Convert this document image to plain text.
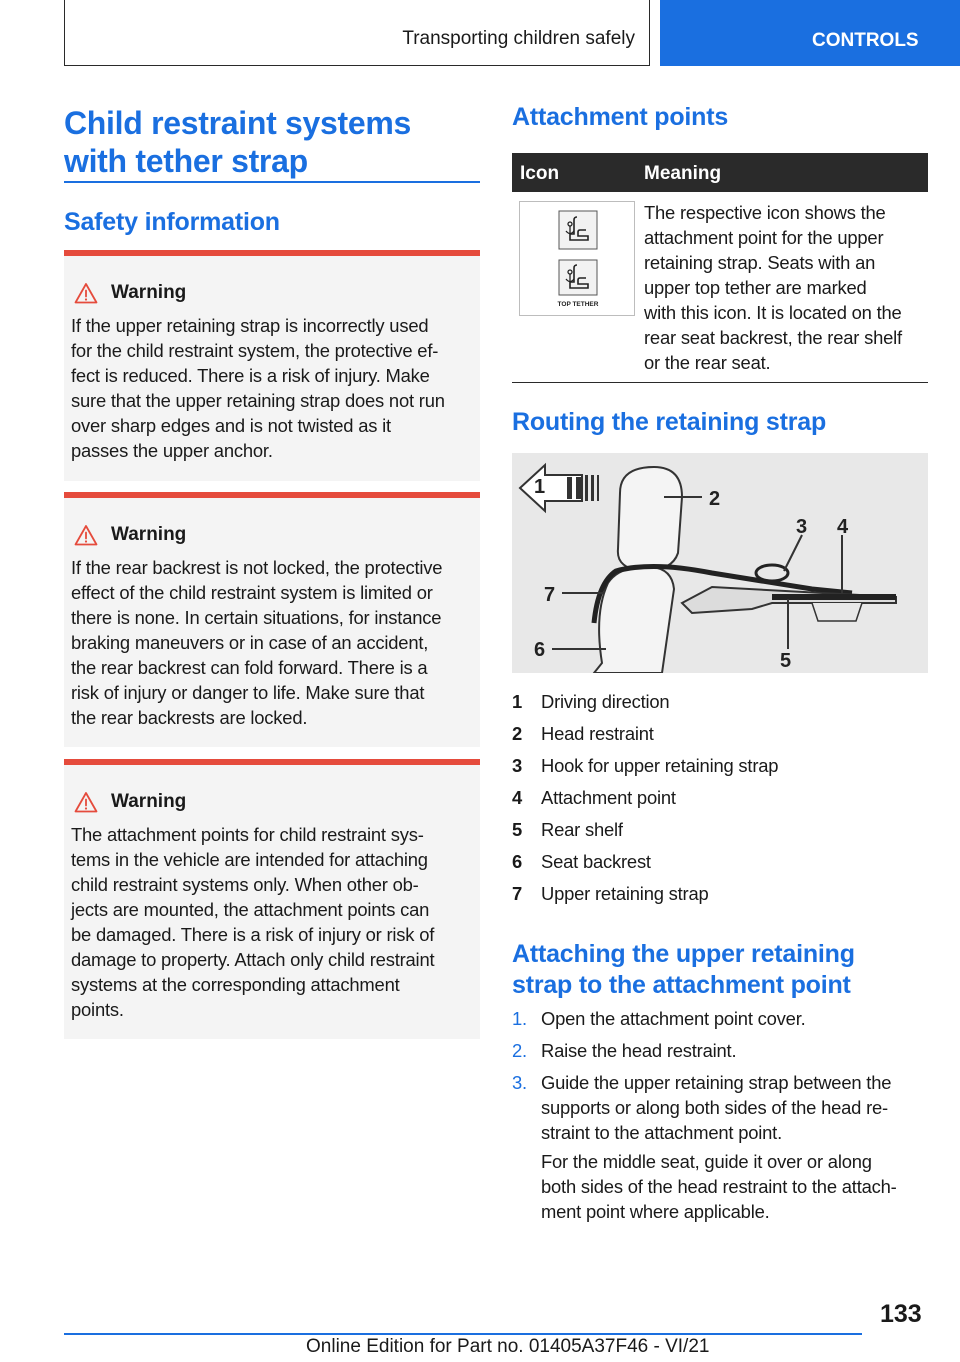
Transporting children safely	CONTROLS
Child restraint systems
with tether strap
Safety information
Warning
If the upper retaining strap is incorrectly used
for the child restraint system, the protective ef-
fect is reduced. There is a risk of injury. Make
sure that the upper retaining strap does not run
over sharp edges and is not twisted as it
passes the upper anchor.
Warning
If the rear backrest is not locked, the protective
effect of the child restraint system is limited or
there is none. In certain situations, for instance
braking maneuvers or in case of an accident,
the rear backrest can fold forward. There is a
risk of injury or danger to life. Make sure that
the rear backrests are locked.
Warning
The attachment points for child restraint sys-
tems in the vehicle are intended for attaching
child restraint systems only. When other ob-
jects are mounted, the attachment points can
be damaged. There is a risk of injury or risk of
damage to property. Attach only child restraint
systems at the corresponding attachment
points.
Attachment points
Icon	Meaning
TOP TETHER
The respective icon shows the
attachment point for the upper
retaining strap. Seats with an
upper top tether are marked
with this icon. It is located on the
rear seat backrest, the rear shelf
or the rear seat.
Routing the retaining strap
1
2
3 4
5
6
7
1	Driving direction
2	Head restraint
3	Hook for upper retaining strap
4	Attachment point
5	Rear shelf
6	Seat backrest
7	Upper retaining strap
Attaching the upper retaining
strap to the attachment point
1. Open the attachment point cover.
2. Raise the head restraint.
3. Guide the upper retaining strap between the
supports or along both sides of the head re-
straint to the attachment point.
For the middle seat, guide it over or along
both sides of the head restraint to the attach-
ment point where applicable.
133
Online Edition for Part no. 01405A37F46 - VI/21
